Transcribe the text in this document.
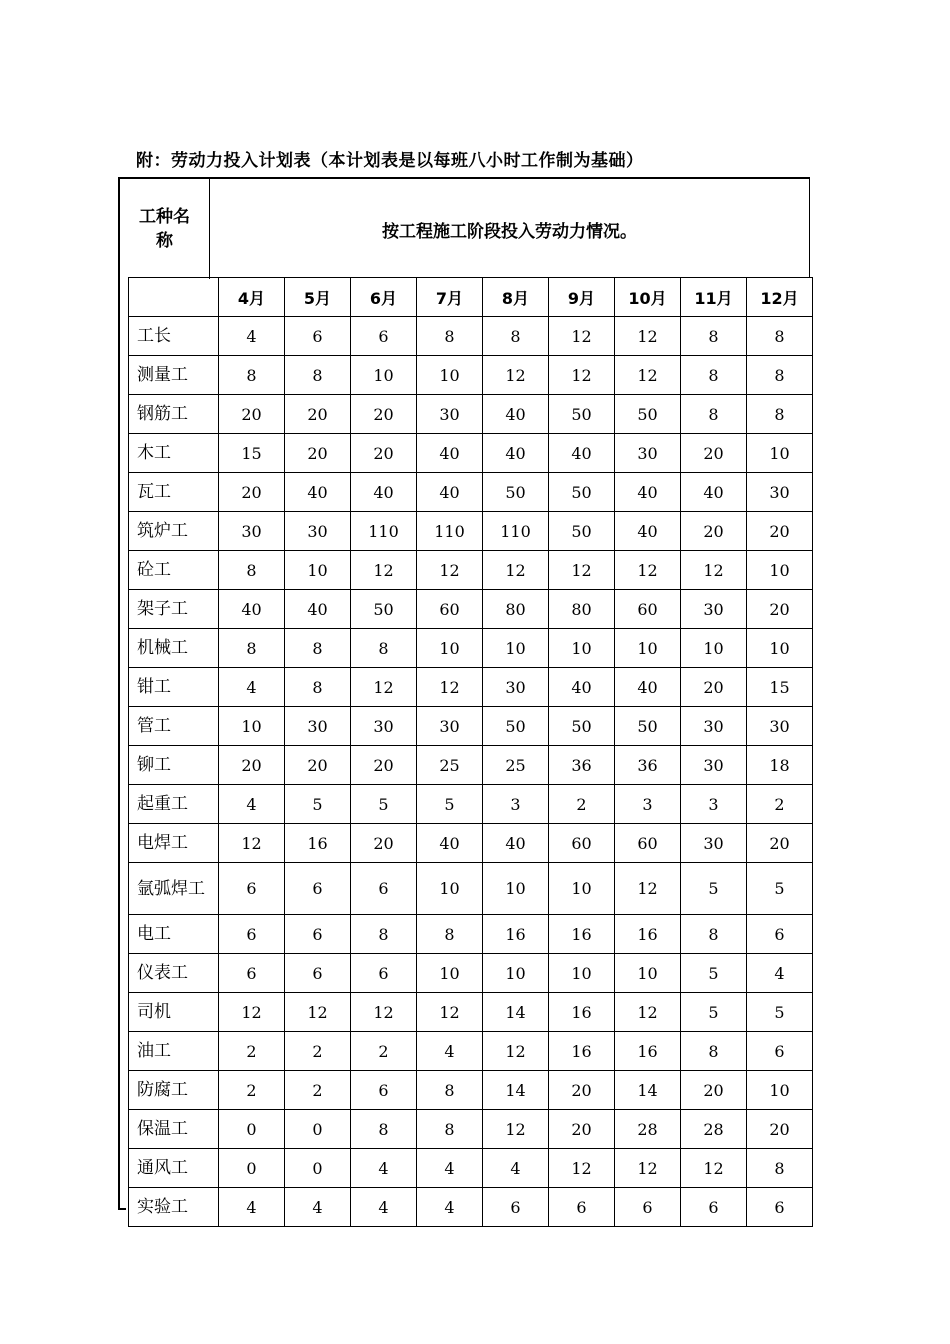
附：劳动力投入计划表（本计划表是以每班八小时工作制为基础）
工种名称	按工程施工阶段投入劳动力情况。
	4月	5月	6月	7月	8月	9月	10月	11月	12月
工长	4	6	6	8	8	12	12	8	8
测量工	8	8	10	10	12	12	12	8	8
钢筋工	20	20	20	30	40	50	50	8	8
木工	15	20	20	40	40	40	30	20	10
瓦工	20	40	40	40	50	50	40	40	30
筑炉工	30	30	110	110	110	50	40	20	20
砼工	8	10	12	12	12	12	12	12	10
架子工	40	40	50	60	80	80	60	30	20
机械工	8	8	8	10	10	10	10	10	10
钳工	4	8	12	12	30	40	40	20	15
管工	10	30	30	30	50	50	50	30	30
铆工	20	20	20	25	25	36	36	30	18
起重工	4	5	5	5	3	2	3	3	2
电焊工	12	16	20	40	40	60	60	30	20
氩弧焊工	6	6	6	10	10	10	12	5	5
电工	6	6	8	8	16	16	16	8	6
仪表工	6	6	6	10	10	10	10	5	4
司机	12	12	12	12	14	16	12	5	5
油工	2	2	2	4	12	16	16	8	6
防腐工	2	2	6	8	14	20	14	20	10
保温工	0	0	8	8	12	20	28	28	20
通风工	0	0	4	4	4	12	12	12	8
实验工	4	4	4	4	6	6	6	6	6
